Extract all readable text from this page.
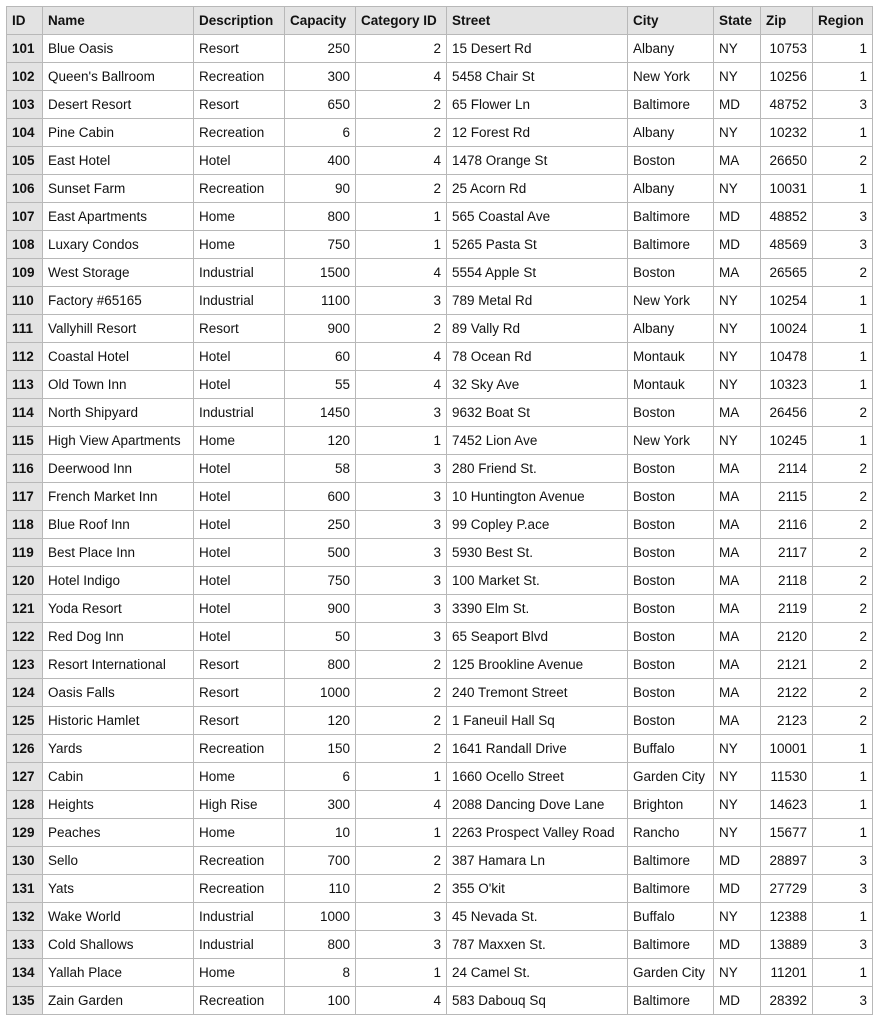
ID	Name	Description	Capacity	Category ID	Street	City	State	Zip	Region
101	Blue Oasis	Resort	250	2	15 Desert Rd	Albany	NY	10753	1
102	Queen's Ballroom	Recreation	300	4	5458 Chair St	New York	NY	10256	1
103	Desert Resort	Resort	650	2	65 Flower Ln	Baltimore	MD	48752	3
104	Pine Cabin	Recreation	6	2	12 Forest Rd	Albany	NY	10232	1
105	East Hotel	Hotel	400	4	1478 Orange St	Boston	MA	26650	2
106	Sunset Farm	Recreation	90	2	25 Acorn Rd	Albany	NY	10031	1
107	East Apartments	Home	800	1	565 Coastal Ave	Baltimore	MD	48852	3
108	Luxary Condos	Home	750	1	5265 Pasta St	Baltimore	MD	48569	3
109	West Storage	Industrial	1500	4	5554 Apple St	Boston	MA	26565	2
110	Factory #65165	Industrial	1100	3	789 Metal Rd	New York	NY	10254	1
111	Vallyhill Resort	Resort	900	2	89 Vally Rd	Albany	NY	10024	1
112	Coastal Hotel	Hotel	60	4	78 Ocean Rd	Montauk	NY	10478	1
113	Old Town Inn	Hotel	55	4	32 Sky Ave	Montauk	NY	10323	1
114	North Shipyard	Industrial	1450	3	9632 Boat St	Boston	MA	26456	2
115	High View Apartments	Home	120	1	7452 Lion Ave	New York	NY	10245	1
116	Deerwood Inn	Hotel	58	3	280 Friend St.	Boston	MA	2114	2
117	French Market Inn	Hotel	600	3	10 Huntington Avenue	Boston	MA	2115	2
118	Blue Roof Inn	Hotel	250	3	99 Copley P.ace	Boston	MA	2116	2
119	Best Place Inn	Hotel	500	3	5930 Best St.	Boston	MA	2117	2
120	Hotel Indigo	Hotel	750	3	100 Market St.	Boston	MA	2118	2
121	Yoda Resort	Hotel	900	3	3390 Elm St.	Boston	MA	2119	2
122	Red Dog Inn	Hotel	50	3	65 Seaport Blvd	Boston	MA	2120	2
123	Resort International	Resort	800	2	125 Brookline Avenue	Boston	MA	2121	2
124	Oasis Falls	Resort	1000	2	240 Tremont Street	Boston	MA	2122	2
125	Historic Hamlet	Resort	120	2	1 Faneuil Hall Sq	Boston	MA	2123	2
126	Yards	Recreation	150	2	1641 Randall Drive	Buffalo	NY	10001	1
127	Cabin	Home	6	1	1660 Ocello Street	Garden City	NY	11530	1
128	Heights	High Rise	300	4	2088 Dancing Dove Lane	Brighton	NY	14623	1
129	Peaches	Home	10	1	2263 Prospect Valley Road	Rancho	NY	15677	1
130	Sello	Recreation	700	2	387 Hamara Ln	Baltimore	MD	28897	3
131	Yats	Recreation	110	2	355 O'kit	Baltimore	MD	27729	3
132	Wake World	Industrial	1000	3	45 Nevada St.	Buffalo	NY	12388	1
133	Cold Shallows	Industrial	800	3	787 Maxxen St.	Baltimore	MD	13889	3
134	Yallah Place	Home	8	1	24 Camel St.	Garden City	NY	11201	1
135	Zain Garden	Recreation	100	4	583 Dabouq Sq	Baltimore	MD	28392	3
